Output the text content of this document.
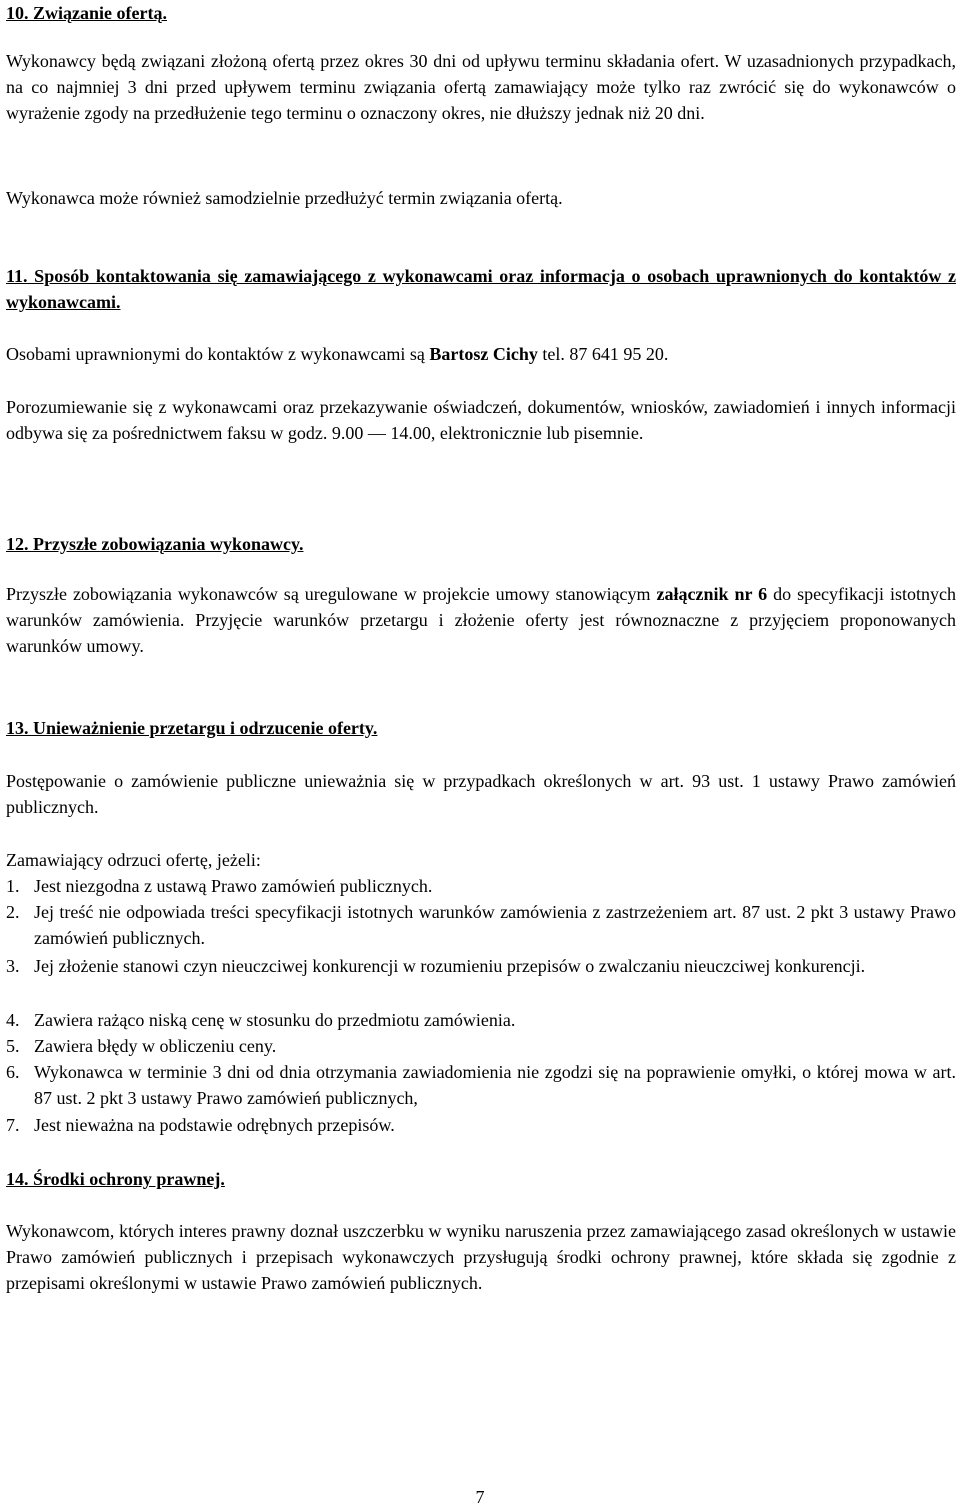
10. Związanie ofertą.

Wykonawcy będą związani złożoną ofertą przez okres 30 dni od upływu terminu składania ofert. W uzasadnionych przypadkach, na co najmniej 3 dni przed upływem terminu związania ofertą zamawiający może tylko raz zwrócić się do wykonawców o wyrażenie zgody na przedłużenie tego terminu o oznaczony okres, nie dłuższy jednak niż 20 dni.

Wykonawca może również samodzielnie przedłużyć termin związania ofertą.

11. Sposób kontaktowania się zamawiającego z wykonawcami oraz informacja o osobach uprawnionych do kontaktów z wykonawcami.

Osobami uprawnionymi do kontaktów z wykonawcami są Bartosz Cichy tel. 87 641 95 20.

Porozumiewanie się z wykonawcami oraz przekazywanie oświadczeń, dokumentów, wniosków, zawiadomień i innych informacji odbywa się za pośrednictwem faksu w godz. 9.00 — 14.00, elektronicznie lub pisemnie.

12. Przyszłe zobowiązania wykonawcy.

Przyszłe zobowiązania wykonawców są uregulowane w projekcie umowy stanowiącym załącznik nr 6 do specyfikacji istotnych warunków zamówienia. Przyjęcie warunków przetargu i złożenie oferty jest równoznaczne z przyjęciem proponowanych warunków umowy.

13. Unieważnienie przetargu i odrzucenie oferty.

Postępowanie o zamówienie publiczne unieważnia się w przypadkach określonych w art. 93 ust. 1 ustawy Prawo zamówień publicznych.

Zamawiający odrzuci ofertę, jeżeli:

1. Jest niezgodna z ustawą Prawo zamówień publicznych.
2. Jej treść nie odpowiada treści specyfikacji istotnych warunków zamówienia z zastrzeżeniem art. 87 ust. 2 pkt 3 ustawy Prawo zamówień publicznych.
3. Jej złożenie stanowi czyn nieuczciwej konkurencji w rozumieniu przepisów o zwalczaniu nieuczciwej konkurencji.
4. Zawiera rażąco niską cenę w stosunku do przedmiotu zamówienia.
5. Zawiera błędy w obliczeniu ceny.
6. Wykonawca w terminie 3 dni od dnia otrzymania zawiadomienia nie zgodzi się na poprawienie omyłki, o której mowa w art. 87 ust. 2 pkt 3 ustawy Prawo zamówień publicznych,
7. Jest nieważna na podstawie odrębnych przepisów.

14. Środki ochrony prawnej.

Wykonawcom, których interes prawny doznał uszczerbku w wyniku naruszenia przez zamawiającego zasad określonych w ustawie Prawo zamówień publicznych i przepisach wykonawczych przysługują środki ochrony prawnej, które składa się zgodnie z przepisami określonymi w ustawie Prawo zamówień publicznych.

7
